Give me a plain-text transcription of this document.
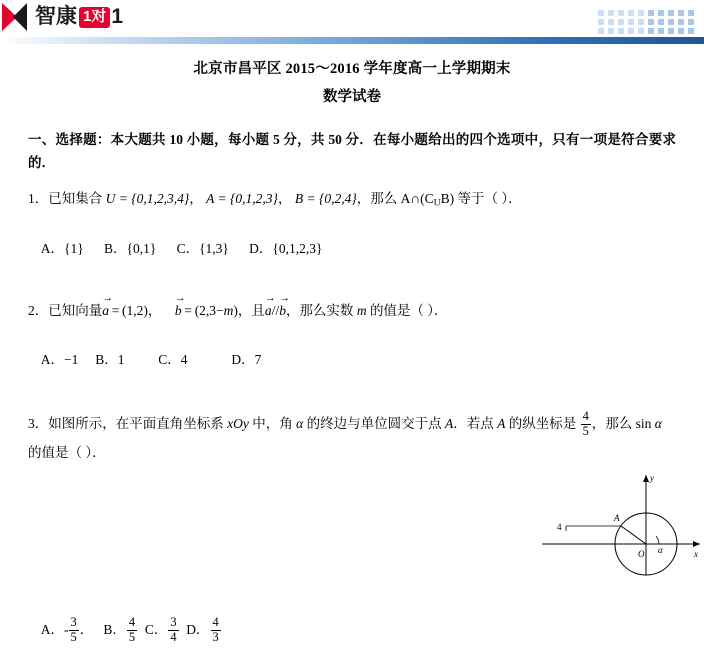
智康 1对 1
北京市昌平区 2015～2016 学年度高一上学期期末
数学试卷
一、选择题：本大题共 10 小题，每小题 5 分，共 50 分．在每小题给出的四个选项中，只有一项是符合要求的．
1．已知集合 U = {0,1,2,3,4}， A = {0,1,2,3}， B = {0,2,4}，那么 $A\cap(C_UB)$ 等于（ ）．

A．{1} B．{0,1} C．{1,3} D．{0,1,2,3}

2．已知向量a → = (1,2)，    b → = (2,3−m)，且a →//b →，那么实数 m 的值是（ ）．

A．−1 B．1	C．4	D．7

3．如图所示，在平面直角坐标系 xOy 中，角 α 的终边与单位圆交于点 A．若点 A 的纵坐标是 $\frac{4}{5}$ ，那么 sin α
的值是（ ）．
y
x
O
A
α
4

A．- $\frac{3}{5}$ ． B． $\frac{4}{5}$ C． $\frac{3}{4}$ D． $\frac{4}{3}$
